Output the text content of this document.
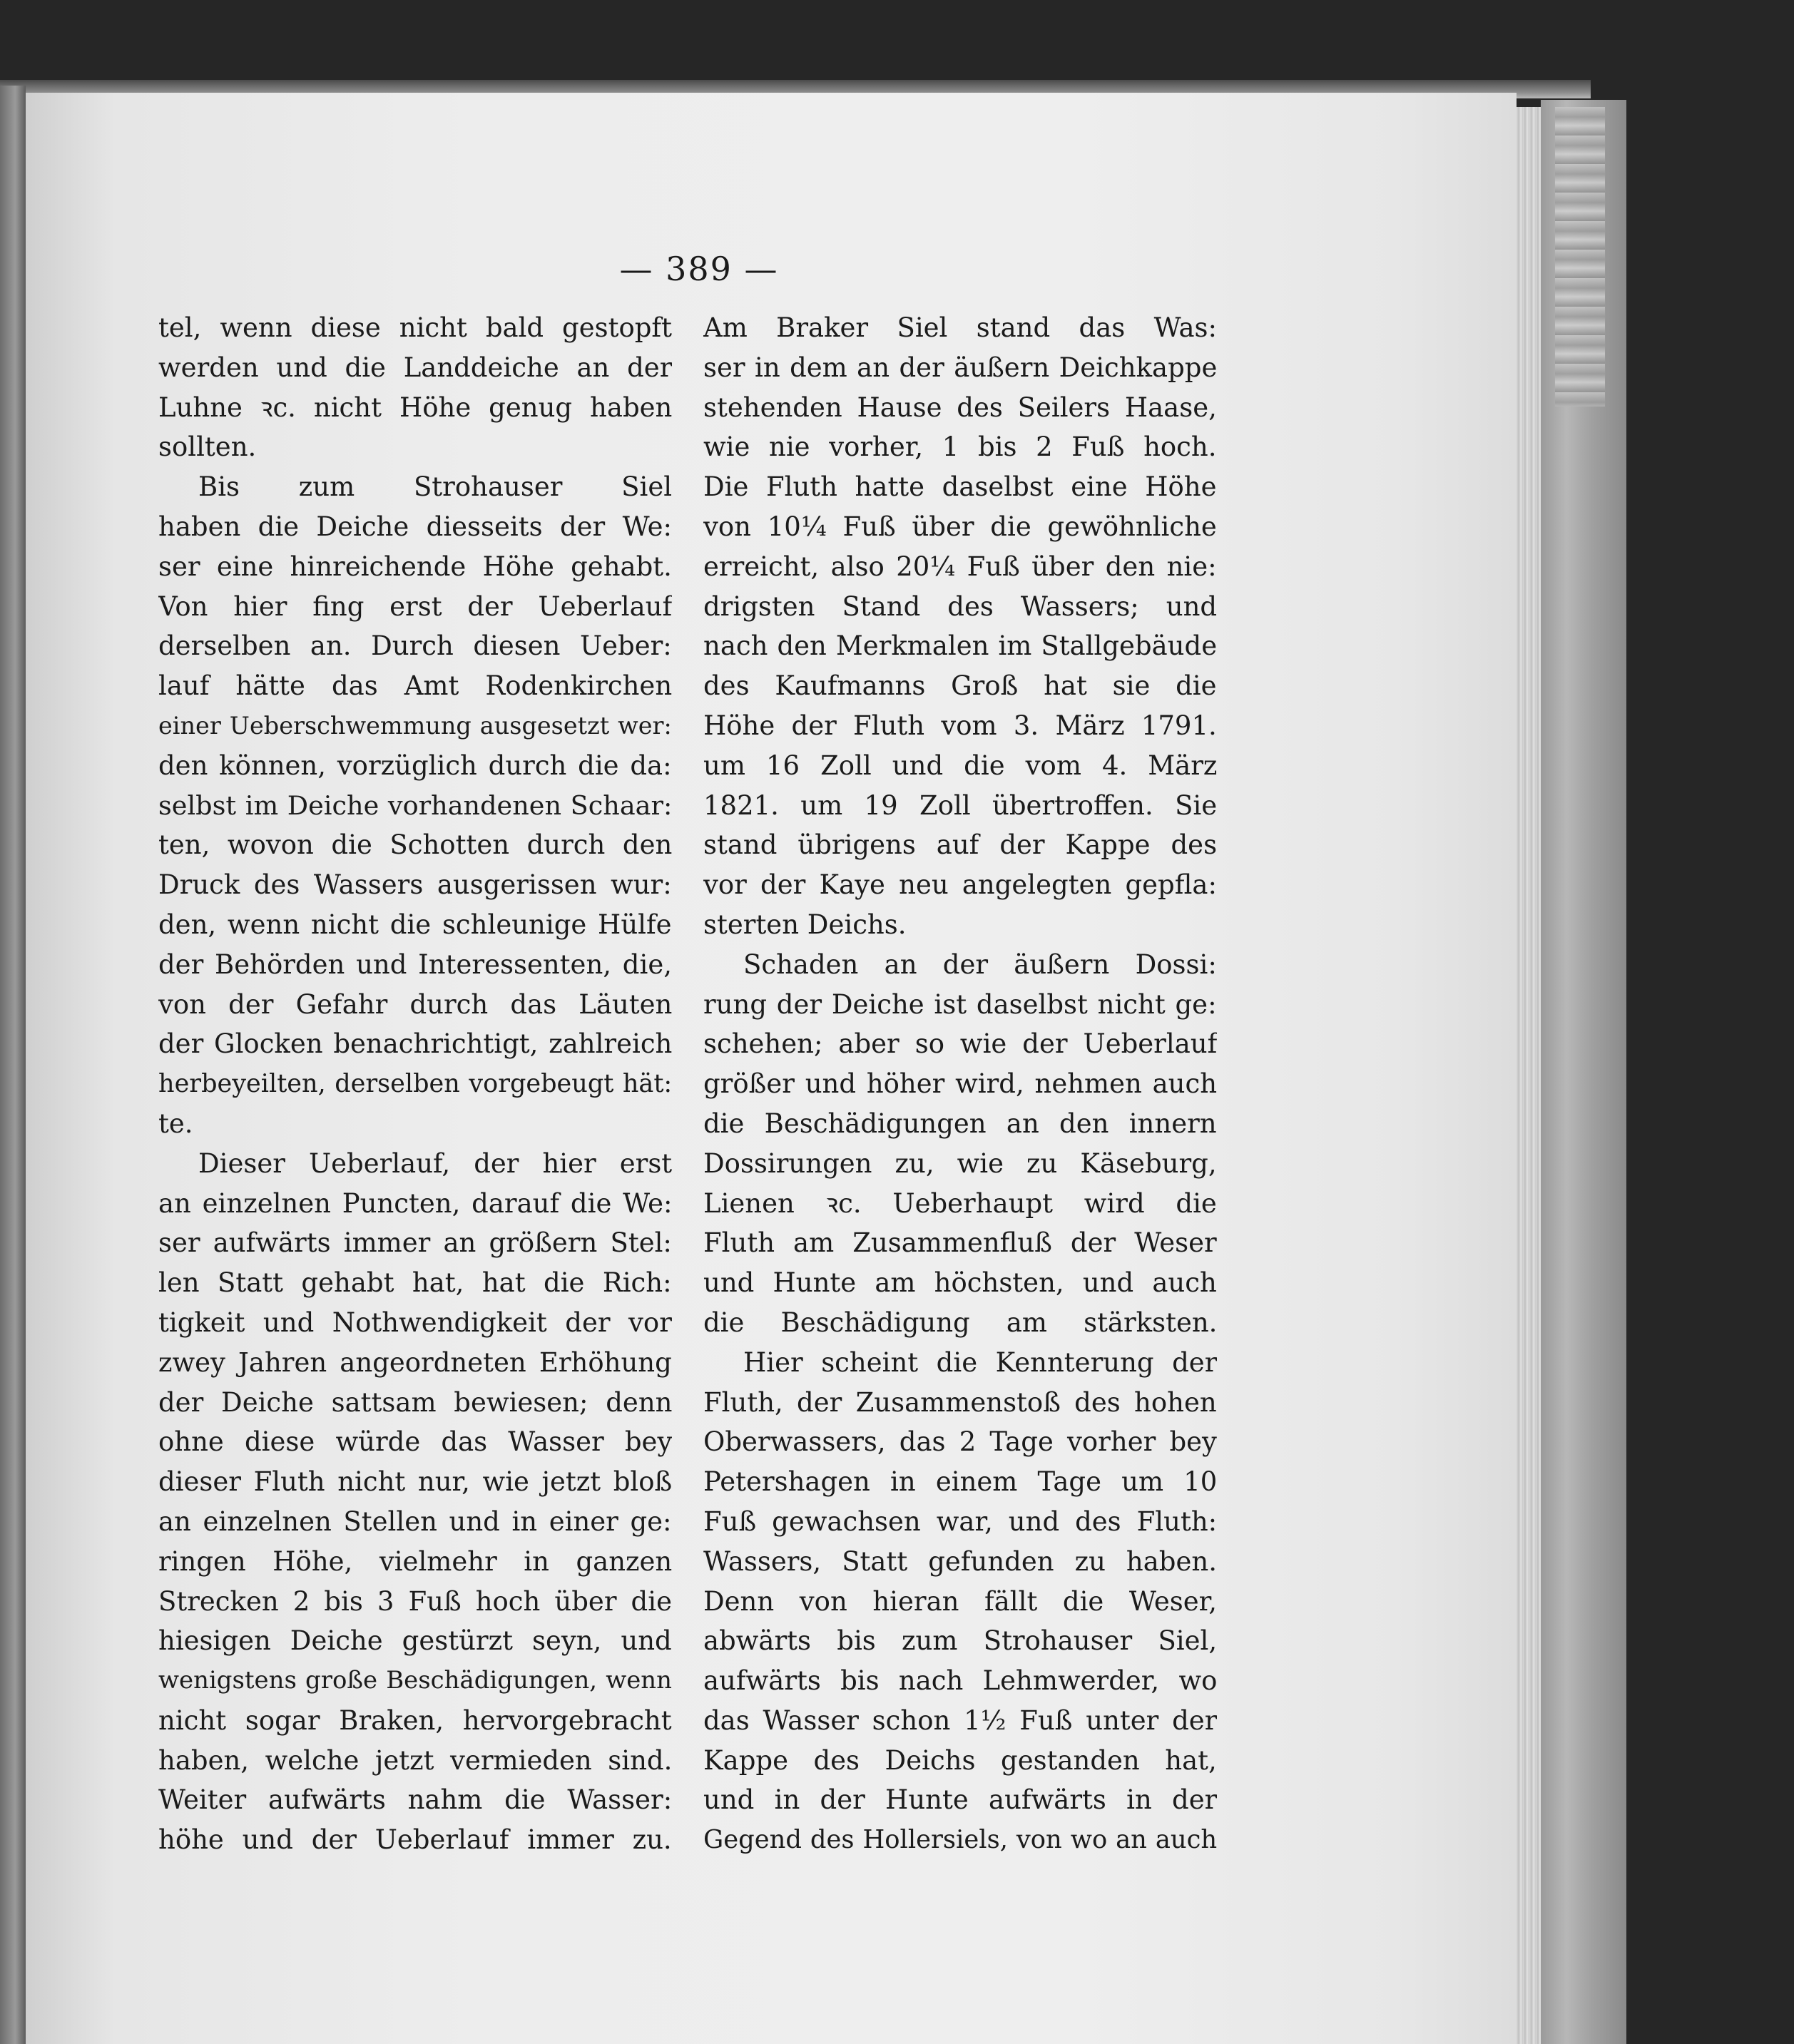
— 389 —
tel, wenn diese nicht bald gestopft
werden und die Landdeiche an der
Luhne ꝛc. nicht Höhe genug haben
sollten.
Bis zum Strohauser Siel
haben die Deiche diesseits der We:
ser eine hinreichende Höhe gehabt.
Von hier fing erst der Ueberlauf
derselben an. Durch diesen Ueber:
lauf hätte das Amt Rodenkirchen
einer Ueberschwemmung ausgesetzt wer:
den können, vorzüglich durch die da:
selbst im Deiche vorhandenen Schaar:
ten, wovon die Schotten durch den
Druck des Wassers ausgerissen wur:
den, wenn nicht die schleunige Hülfe
der Behörden und Interessenten, die,
von der Gefahr durch das Läuten
der Glocken benachrichtigt, zahlreich
herbeyeilten, derselben vorgebeugt hät:
te.
Dieser Ueberlauf, der hier erst
an einzelnen Puncten, darauf die We:
ser aufwärts immer an größern Stel:
len Statt gehabt hat, hat die Rich:
tigkeit und Nothwendigkeit der vor
zwey Jahren angeordneten Erhöhung
der Deiche sattsam bewiesen; denn
ohne diese würde das Wasser bey
dieser Fluth nicht nur, wie jetzt bloß
an einzelnen Stellen und in einer ge:
ringen Höhe, vielmehr in ganzen
Strecken 2 bis 3 Fuß hoch über die
hiesigen Deiche gestürzt seyn, und
wenigstens große Beschädigungen, wenn
nicht sogar Braken, hervorgebracht
haben, welche jetzt vermieden sind.
Weiter aufwärts nahm die Wasser:
höhe und der Ueberlauf immer zu.
Am Braker Siel stand das Was:
ser in dem an der äußern Deichkappe
stehenden Hause des Seilers Haase,
wie nie vorher, 1 bis 2 Fuß hoch.
Die Fluth hatte daselbst eine Höhe
von 10¼ Fuß über die gewöhnliche
erreicht, also 20¼ Fuß über den nie:
drigsten Stand des Wassers; und
nach den Merkmalen im Stallgebäude
des Kaufmanns Groß hat sie die
Höhe der Fluth vom 3. März 1791.
um 16 Zoll und die vom 4. März
1821. um 19 Zoll übertroffen. Sie
stand übrigens auf der Kappe des
vor der Kaye neu angelegten gepfla:
sterten Deichs.
Schaden an der äußern Dossi:
rung der Deiche ist daselbst nicht ge:
schehen; aber so wie der Ueberlauf
größer und höher wird, nehmen auch
die Beschädigungen an den innern
Dossirungen zu, wie zu Käseburg,
Lienen ꝛc. Ueberhaupt wird die
Fluth am Zusammenfluß der Weser
und Hunte am höchsten, und auch
die Beschädigung am stärksten.
Hier scheint die Kennterung der
Fluth, der Zusammenstoß des hohen
Oberwassers, das 2 Tage vorher bey
Petershagen in einem Tage um 10
Fuß gewachsen war, und des Fluth:
Wassers, Statt gefunden zu haben.
Denn von hieran fällt die Weser,
abwärts bis zum Strohauser Siel,
aufwärts bis nach Lehmwerder, wo
das Wasser schon 1½ Fuß unter der
Kappe des Deichs gestanden hat,
und in der Hunte aufwärts in der
Gegend des Hollersiels, von wo an auch
